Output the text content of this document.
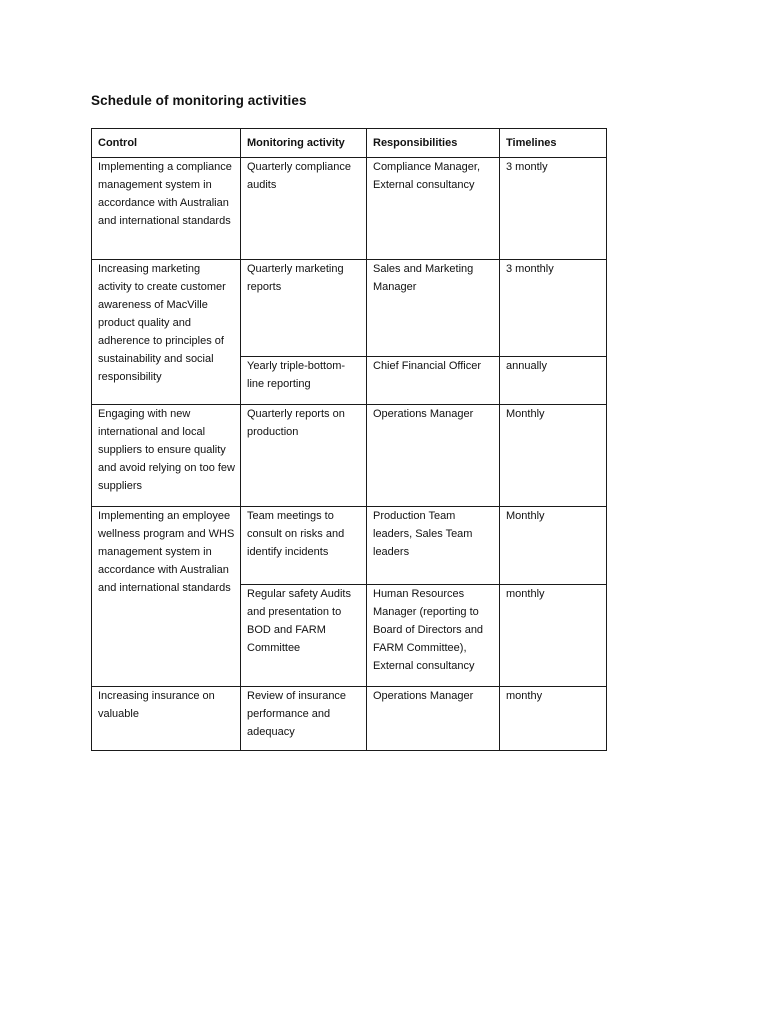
Schedule of monitoring activities
Control	Monitoring activity	Responsibilities	Timelines
Implementing a compliance management system in accordance with Australian and international standards	Quarterly compliance audits	Compliance Manager, External consultancy	3 montly
Increasing marketing activity to create customer awareness of MacVille product quality and adherence to principles of sustainability and social responsibility	Quarterly marketing reports	Sales and Marketing Manager	3 monthly
	Yearly triple-bottom-line reporting	Chief Financial Officer	annually
Engaging with new international and local suppliers to ensure quality and avoid relying on too few suppliers	Quarterly reports on production	Operations Manager	Monthly
Implementing an employee wellness program and WHS management system in accordance with Australian and international standards	Team meetings to consult on risks and identify incidents	Production Team leaders, Sales Team leaders	Monthly
	Regular safety Audits and presentation to BOD and FARM Committee	Human Resources Manager (reporting to Board of Directors and FARM Committee), External consultancy	monthly
Increasing insurance on valuable	Review of insurance performance and adequacy	Operations Manager	monthy
